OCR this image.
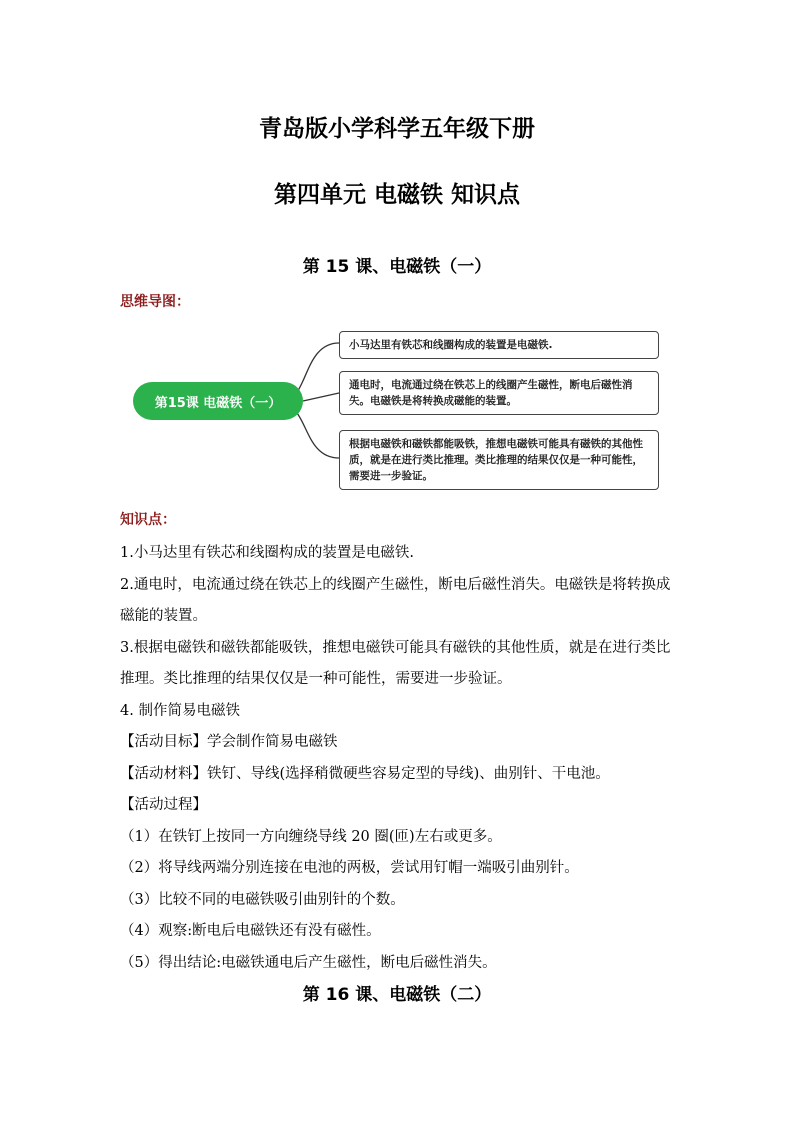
青岛版小学科学五年级下册
第四单元 电磁铁 知识点
第 15 课、电磁铁（一）
思维导图：
第15课 电磁铁（一）
小马达里有铁芯和线圈构成的装置是电磁铁.
通电时，电流通过绕在铁芯上的线圈产生磁性，断电后磁性消失。电磁铁是将转换成磁能的装置。
根据电磁铁和磁铁都能吸铁，推想电磁铁可能具有磁铁的其他性质，就是在进行类比推理。类比推理的结果仅仅是一种可能性，需要进一步验证。
知识点：

1.小马达里有铁芯和线圈构成的装置是电磁铁.

2.通电时，电流通过绕在铁芯上的线圈产生磁性，断电后磁性消失。电磁铁是将转换成磁能的装置。

3.根据电磁铁和磁铁都能吸铁，推想电磁铁可能具有磁铁的其他性质，就是在进行类比推理。类比推理的结果仅仅是一种可能性，需要进一步验证。

4. 制作简易电磁铁

【活动目标】学会制作简易电磁铁

【活动材料】铁钉、导线(选择稍微硬些容易定型的导线)、曲别针、干电池。

【活动过程】

（1）在铁钉上按同一方向缠绕导线 20 圈(匝)左右或更多。

（2）将导线两端分别连接在电池的两极，尝试用钉帽一端吸引曲别针。

（3）比较不同的电磁铁吸引曲别针的个数。

（4）观察:断电后电磁铁还有没有磁性。

（5）得出结论:电磁铁通电后产生磁性，断电后磁性消失。

第 16 课、电磁铁（二）
